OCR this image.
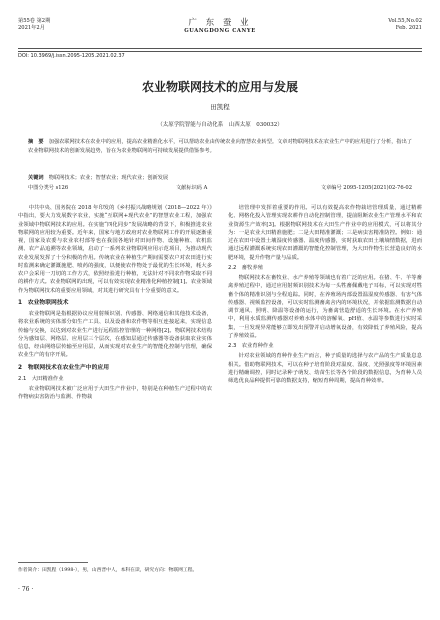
第55卷 第2期
2021年2月	广 东 蚕 业
GUANGDONG CANYE
Vol.55,No.02
Feb. 2021
DOI: 10.3969/j.issn.2095-1205.2021.02.37
农业物联网技术的应用与发展
田凯程
（太原学院智能与自动化系　山西太原　030032）
摘　要　 加强农联网技术在农业中的应用，提高农业精准化水平，可以帮助农业由传统农业向智慧农业转型。文章对物联网技术在农业生产中的应用进行了分析，指出了农业物联网技术的创新发展趋势，旨在为农业物联网的可持续发展提供借鉴参考。
关键词　 物联网技术；农业；智慧农业；现代农业；创新发展
中图分类号 s126	文献标识码 A	文章编号 2095-1205(2021)02-76-02

中共中央、国务院在 2018 年印发的《乡村振兴战略规划（2018—2022 年）》中指出，要大力发展数字农业，实施“互联网+现代农业”的智慧农业工程，加强农业领域中物联网技术的应用。在实施“四化同步”发展战略的背景下，积极推进农业物联网的应用较为重要。近年来，国家与地方政府对农业物联网工作的开展逐渐重视，国家及农委与农业农村部等也在我国各地针对田间作物、设施种植、农机监测、农产品追溯等农业领域，启动了一系列农业物联网应用示范项目，为推动现代农业发展发挥了十分积极的作用。传统农业在种植生产期间需要农户对农田进行实时监测来确定灌溉施肥、喷药的强度，以便使农作物处于最优的生长环境，耗大多农户会采用一刀切的工作方式，依照经验进行种植，无法针对不同农作物采取不同的耕作方式。农业物联网的出现，可以有效实现农业精准化种植控制[1]。农业领域作为物联网技术的重要应用领域，对其进行研究具有十分重要的意义。

1　农业物联网技术

农业物联网是指根据协议应用射频识别、传感器、网络通信和其他技术设备，将农业系统的实体部分如生产工具、以及设备和农作物等相互连接起来，实现信息传输与交换，以达到对农业生产进行远程监控管理的一种网络[2]。物联网技术结构分为感知层、网络层、应用层三个层次，在感知层通过传感器等设备获取农业实体信息，经由网络层传输至应用层，从而实现对农业生产的智能化控制与管理，确保农业生产的有序开展。

2　物联网技术在农业生产中的应用
2.1　大田精准作业

农业物联网技术被广泛应用于大田生产作业中，特别是在种植生产过程中的农作物病虫害防治与监测、作物栽

培管理中发挥着重要的作用。可以有效提高农作物栽培管理质量，通过精耕化、网格化投入管理实现农耕作自动化控制管理，提前阻断农业生产管理水平和农业资源生产效率[3]。根据物联网技术在大田生产作业中的应用模式，可以将其分为：一是农业大田精准施肥；二是大田精准灌溉；三是病虫害精准防控。例如：通过在农田中设置土壤湿度传感器、温度传感器，实时获取农田土壤墒情数据，进而通过远程灌溉系统实现农田灌溉的智能化控制管理，为大田作物生长营造良好的水肥环境，提升作物产量与品质。

2.2　畜牧养殖

物联网技术在畜牧业、水产养殖等领域也有着广泛的应用。在猪、牛、羊等畜禽养殖过程中，通过应用射频识别技术为每一头牲畜佩戴电子耳标，可以实现对牲畜个体的精准识别与全程追踪。同时，在养殖场内部设置温湿度传感器、有害气体传感器、视频监控设备，可以实时监测畜禽舍内的环境状况，并依据监测数据自动调节通风、照明、降温等设备的运行，为畜禽营造舒适的生长环境。在水产养殖中，利用水质监测传感器对养殖水体中的溶解氧、pH值、水温等参数进行实时采集，一旦发现异常能够立即发出预警并启动增氧设备，有效降低了养殖风险，提高了养殖效益。

2.3　农业育种作业

针对农业领域的育种作业生产而言，种子质量的选择与农产品的生产质量息息相关。借助物联网技术，可以在种子培育阶段对温度、湿度、光照强度等环境因素进行精确调控，同时记录种子萌发、幼苗生长等各个阶段的数据信息，为育种人员筛选优良品种提供可靠的数据支持，缩短育种周期，提高育种效率。

作者简介：田凯程（1998-），男，山西晋中人，本科在读，研究方向：物联网工程。
· 76 ·
